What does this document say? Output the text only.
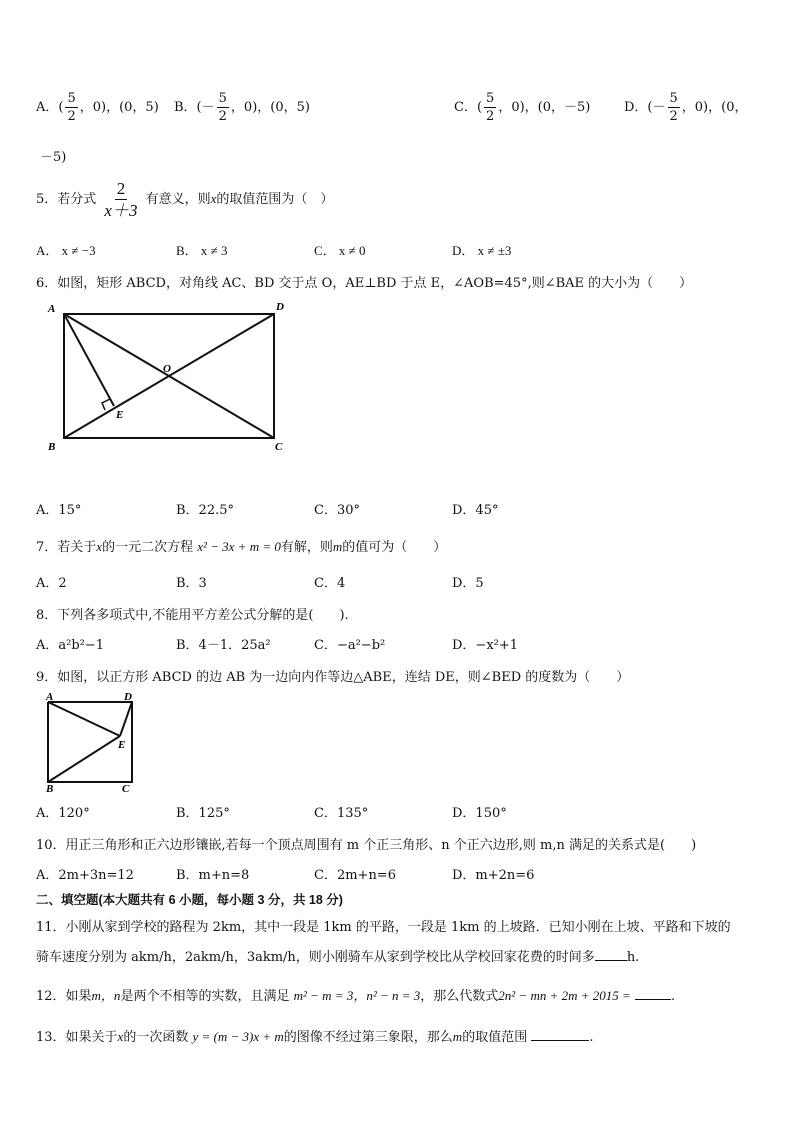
A．( $\frac{5}{2}$ ，0)，(0，5) B．(－ $\frac{5}{2}$ ，0)，(0，5)	C．( $\frac{5}{2}$ ，0)，(0，－5)	D．(－ $\frac{5}{2}$ ，0)，(0，
－5)
5．若分式 $\frac{2}{x+3}$ 有意义，则x的取值范围为（　）
A． x ≠ −3	B． x ≠ 3	C． x ≠ 0	D． x ≠ ±3
6．如图，矩形 ABCD，对角线 AC、BD 交于点 O，AE⊥BD 于点 E，∠AOB=45°,则∠BAE 的大小为（　　）
A	D
O
E
B	C
A．15°	B．22.5°	C．30°	D．45°
7．若关于x的一元二次方程 x² − 3x + m = 0有解，则m的值可为（　　）
A．2	B．3	C．4	D．5
8．下列各多项式中,不能用平方差公式分解的是(　　).
A．a²b²−1	B．4－1．25a²	C．−a²−b²	D．−x²+1
9．如图，以正方形 ABCD 的边 AB 为一边向内作等边△ABE，连结 DE，则∠BED 的度数为（　　）
A	D
E
B	C
A．120°	B．125°	C．135°	D．150°
10．用正三角形和正六边形镶嵌,若每一个顶点周围有 m 个正三角形、n 个正六边形,则 m,n 满足的关系式是(　　)
A．2m+3n=12	B．m+n=8	C．2m+n=6	D．m+2n=6
二、填空题(本大题共有 6 小题，每小题 3 分，共 18 分)
11．小刚从家到学校的路程为 2km，其中一段是 1km 的平路，一段是 1km 的上坡路．已知小刚在上坡、平路和下坡的
骑车速度分别为 akm/h，2akm/h，3akm/h，则小刚骑车从家到学校比从学校回家花费的时间多 h.
12．如果m，n是两个不相等的实数，且满足 m² − m = 3，n² − n = 3，那么代数式2n² − mn + 2m + 2015 =	.
13．如果关于x的一次函数 y = (m − 3)x + m的图像不经过第三象限，那么m的取值范围	.
